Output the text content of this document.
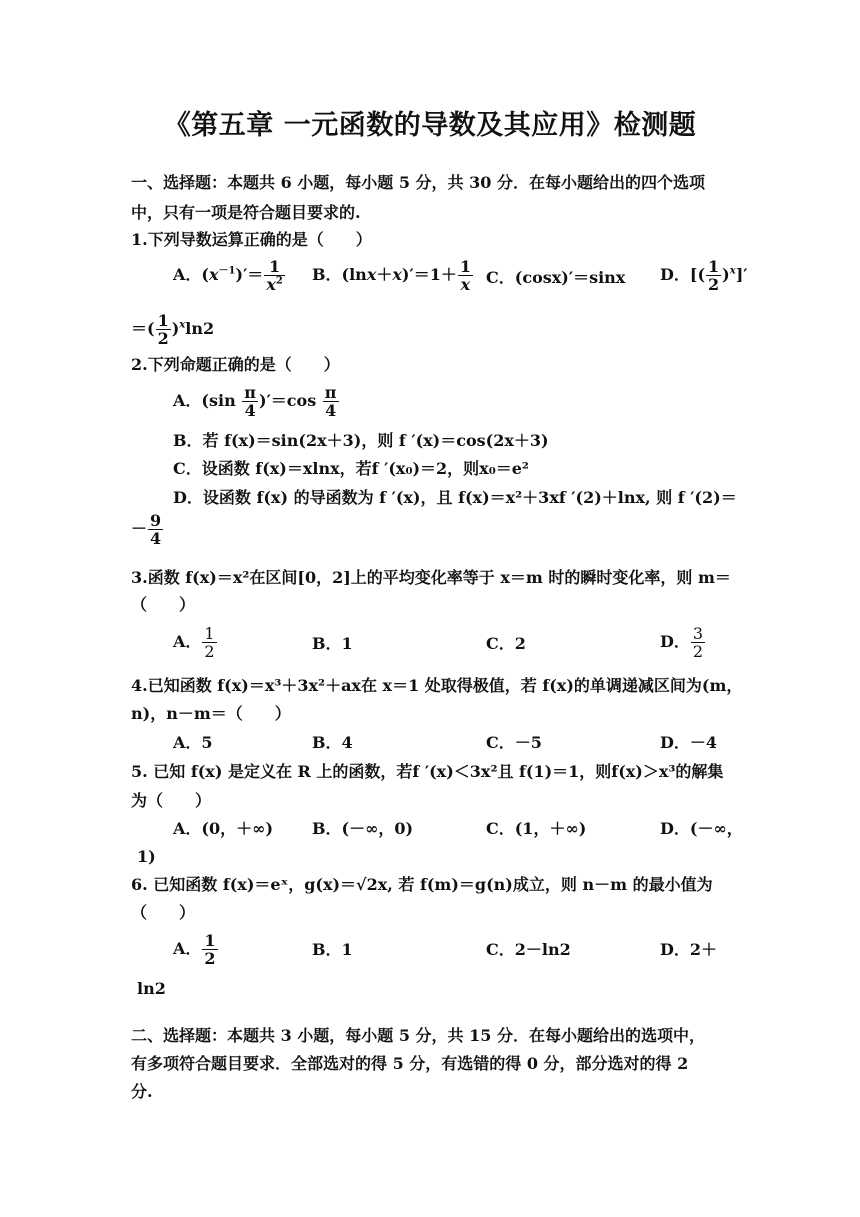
《第五章 一元函数的导数及其应用》检测题
一、选择题：本题共 6 小题，每小题 5 分，共 30 分．在每小题给出的四个选项
中，只有一项是符合题目要求的.
1.下列导数运算正确的是（　　）
A．$(x^{-1})'= \frac{1}{x^2}$ B．$(\ln x+x)'=1+ \frac{1}{x}$ C．(cosx)′＝sinx D．[( $\frac{1}{2} )^x]'$
＝( $\frac{1}{2} )^x\ln 2$
2.下列命题正确的是（　　）
A．$(\sin \frac{\pi}{4} )'=\cos \frac{\pi}{4}$
B．若 f(x)＝sin(2x＋3)，则 f ′(x)＝cos(2x＋3)
C．设函数 f(x)＝xlnx，若f ′(x₀)＝2，则x₀＝e²
D．设函数 f(x) 的导函数为 f ′(x)，且 f(x)＝x²＋3xf ′(2)＋lnx, 则 f ′(2)＝
－ $\frac{9}{4}$
3.函数 f(x)＝x²在区间[0，2]上的平均变化率等于 x＝m 时的瞬时变化率，则 m＝
（　　）
A． $\frac{1}{2}$	B．1	C．2	D． $\frac{3}{2}$
4.已知函数 f(x)＝x³＋3x²＋ax在 x＝1 处取得极值，若 f(x)的单调递减区间为(m，
n)，n－m＝（　　）
A．5	B．4	C．－5	D．－4
5. 已知 f(x) 是定义在 R 上的函数，若f ′(x)＜3x²且 f(1)＝1，则f(x)＞x³的解集
为（　　）
A．(0，＋∞) B．(－∞，0)	C．(1，＋∞)	D．(－∞，
1)
6. 已知函数 f(x)＝eˣ，g(x)＝√2x, 若 f(m)＝g(n)成立，则 n－m 的最小值为
（　　）
A． $\frac{1}{2}$	B．1	C．2－ln2	D．2＋
ln2
二、选择题：本题共 3 小题，每小题 5 分，共 15 分．在每小题给出的选项中，
有多项符合题目要求．全部选对的得 5 分，有选错的得 0 分，部分选对的得 2
分.
